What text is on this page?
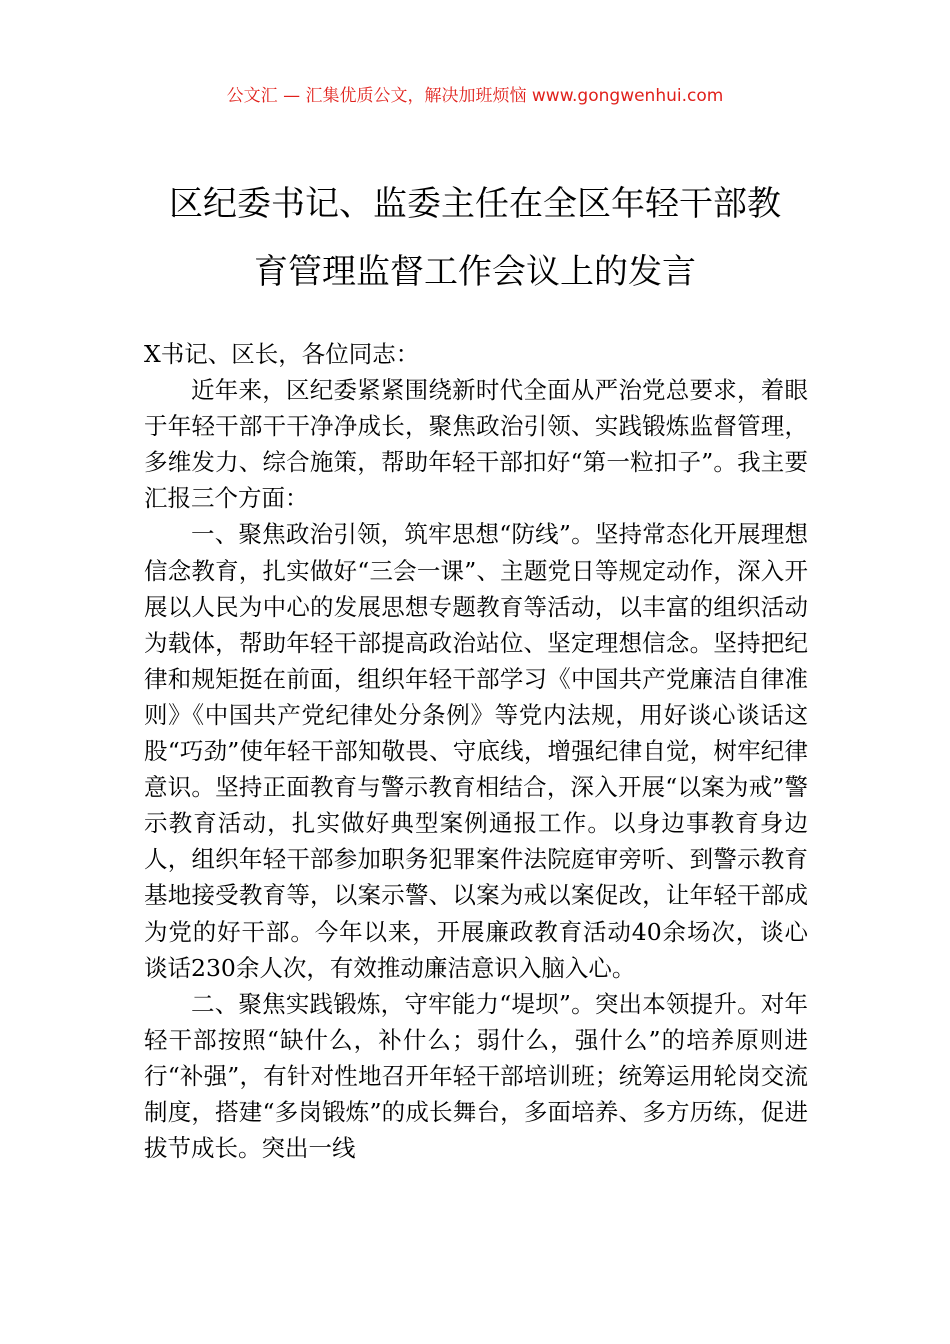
公文汇 — 汇集优质公文，解决加班烦恼 www.gongwenhui.com
区纪委书记、监委主任在全区年轻干部教
育管理监督工作会议上的发言

X书记、区长，各位同志：

近年来，区纪委紧紧围绕新时代全面从严治党总要求，着眼于年轻干部干干净净成长，聚焦政治引领、实践锻炼监督管理，多维发力、综合施策，帮助年轻干部扣好“第一粒扣子”。我主要汇报三个方面：

一、聚焦政治引领，筑牢思想“防线”。坚持常态化开展理想信念教育，扎实做好“三会一课”、主题党日等规定动作，深入开展以人民为中心的发展思想专题教育等活动，以丰富的组织活动为载体，帮助年轻干部提高政治站位、坚定理想信念。坚持把纪律和规矩挺在前面，组织年轻干部学习《中国共产党廉洁自律准则》《中国共产党纪律处分条例》等党内法规，用好谈心谈话这股“巧劲”使年轻干部知敬畏、守底线，增强纪律自觉，树牢纪律意识。坚持正面教育与警示教育相结合，深入开展“以案为戒”警示教育活动，扎实做好典型案例通报工作。以身边事教育身边人，组织年轻干部参加职务犯罪案件法院庭审旁听、到警示教育基地接受教育等，以案示警、以案为戒以案促改，让年轻干部成为党的好干部。今年以来，开展廉政教育活动40余场次，谈心谈话230余人次，有效推动廉洁意识入脑入心。

二、聚焦实践锻炼，守牢能力“堤坝”。突出本领提升。对年轻干部按照“缺什么，补什么；弱什么，强什么”的培养原则进行“补强”，有针对性地召开年轻干部培训班；统筹运用轮岗交流制度，搭建“多岗锻炼”的成长舞台，多面培养、多方历练，促进拔节成长。突出一线
